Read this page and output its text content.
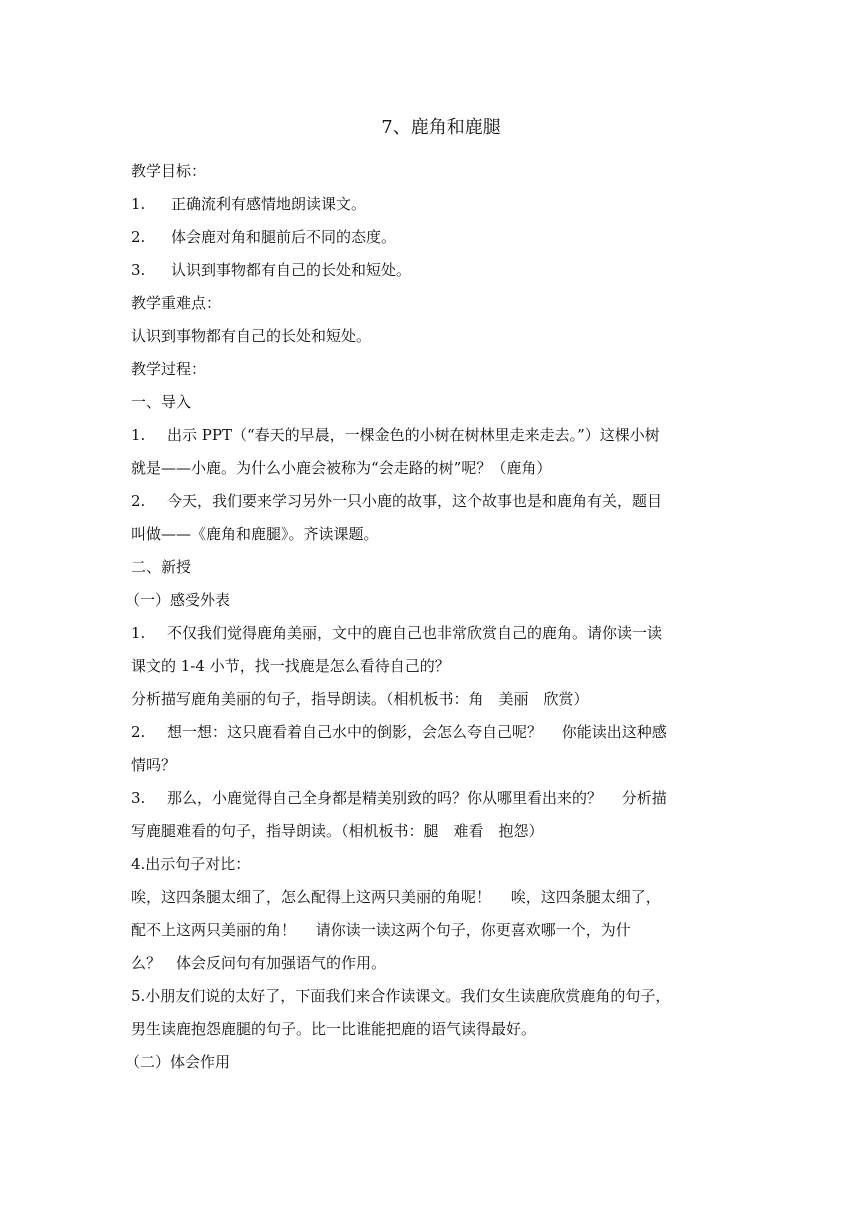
7、鹿角和鹿腿

教学目标：

1. 正确流利有感情地朗读课文。

2. 体会鹿对角和腿前后不同的态度。

3. 认识到事物都有自己的长处和短处。

教学重难点：

认识到事物都有自己的长处和短处。

教学过程：

一、导入

1. 出示 PPT（“春天的早晨，一棵金色的小树在树林里走来走去。”）这棵小树

就是——小鹿。为什么小鹿会被称为“会走路的树”呢？（鹿角）

2. 今天，我们要来学习另外一只小鹿的故事，这个故事也是和鹿角有关，题目

叫做——《鹿角和鹿腿》。齐读课题。

二、新授

（一）感受外表

1. 不仅我们觉得鹿角美丽，文中的鹿自己也非常欣赏自己的鹿角。请你读一读

课文的 1-4 小节，找一找鹿是怎么看待自己的？

分析描写鹿角美丽的句子，指导朗读。（相机板书：角　美丽　欣赏）

2. 想一想：这只鹿看着自己水中的倒影，会怎么夸自己呢？　 你能读出这种感

情吗？

3. 那么，小鹿觉得自己全身都是精美别致的吗？你从哪里看出来的？　 分析描

写鹿腿难看的句子，指导朗读。（相机板书：腿　难看　抱怨）

4.出示句子对比：

唉，这四条腿太细了，怎么配得上这两只美丽的角呢！　 唉，这四条腿太细了，

配不上这两只美丽的角！　 请你读一读这两个句子，你更喜欢哪一个，为什

么？　体会反问句有加强语气的作用。

5.小朋友们说的太好了，下面我们来合作读课文。我们女生读鹿欣赏鹿角的句子，

男生读鹿抱怨鹿腿的句子。比一比谁能把鹿的语气读得最好。

（二）体会作用
